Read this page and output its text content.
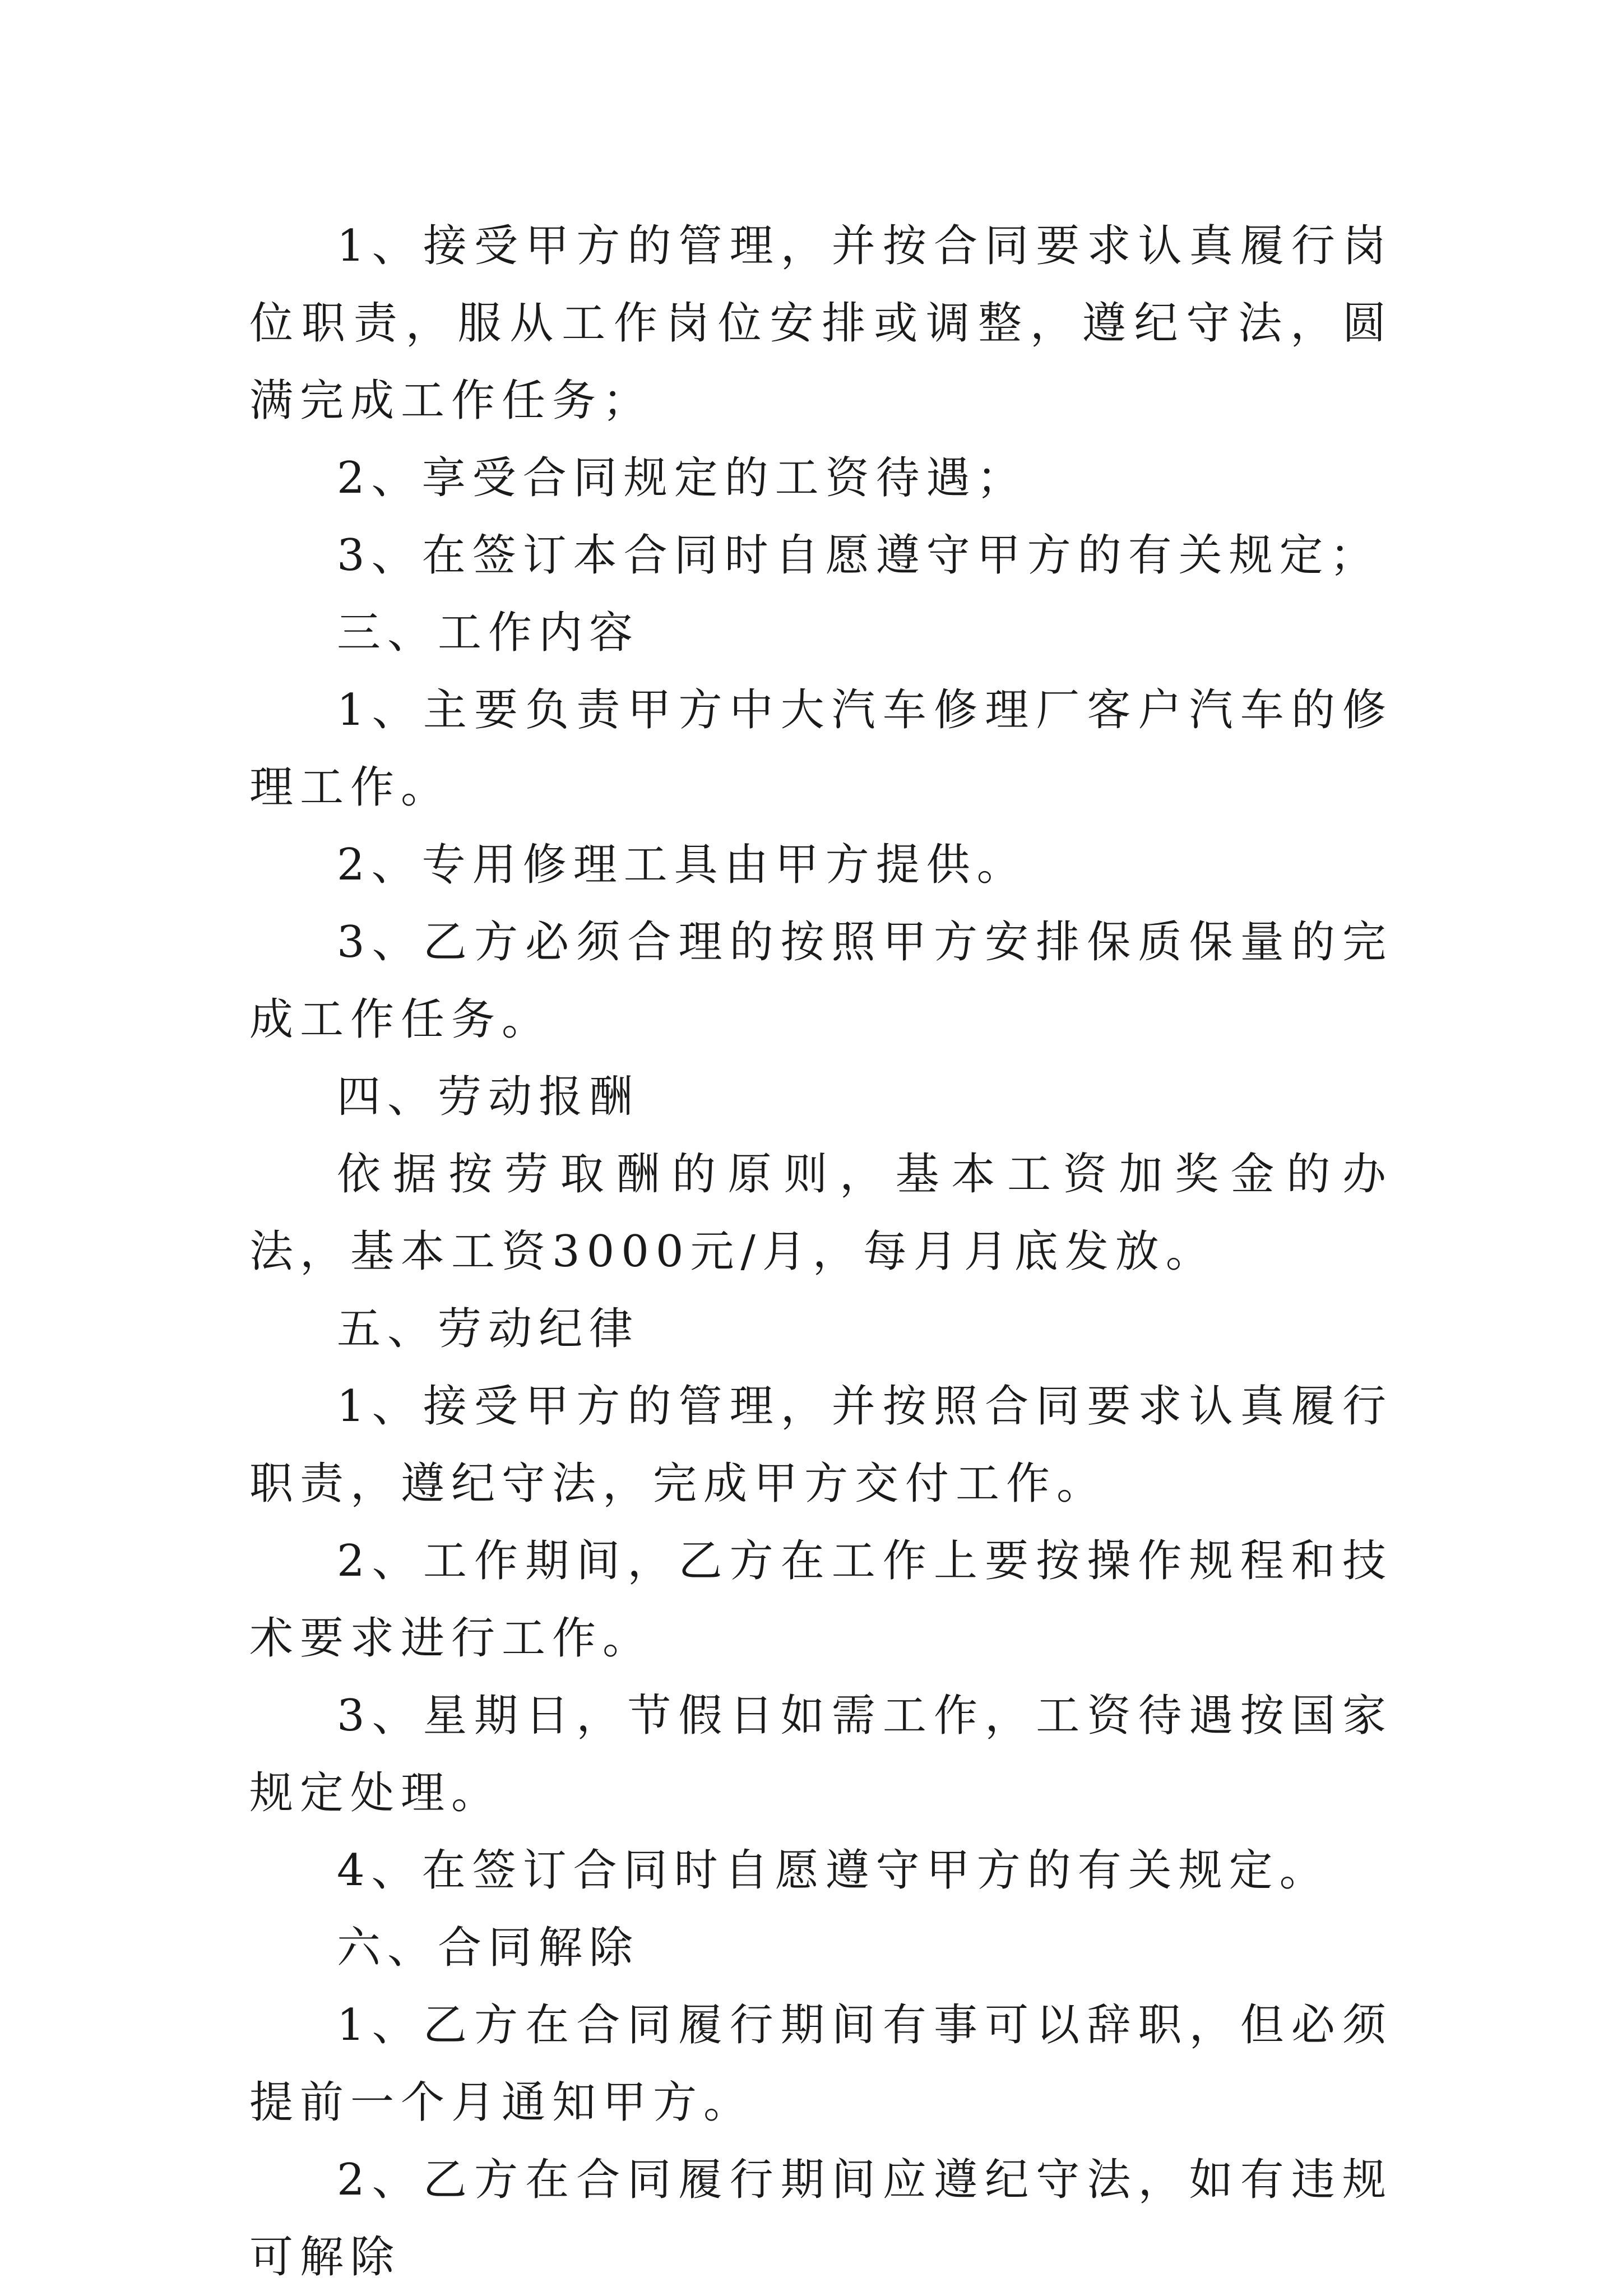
1、接受甲方的管理，并按合同要求认真履行岗位职责，服从工作岗位安排或调整，遵纪守法，圆满完成工作任务；

2、享受合同规定的工资待遇；

3、在签订本合同时自愿遵守甲方的有关规定；

三、工作内容

1、主要负责甲方中大汽车修理厂客户汽车的修理工作。

2、专用修理工具由甲方提供。

3、乙方必须合理的按照甲方安排保质保量的完成工作任务。

四、劳动报酬

依据按劳取酬的原则，基本工资加奖金的办法，基本工资3000元/月，每月月底发放。

五、劳动纪律

1、接受甲方的管理，并按照合同要求认真履行职责，遵纪守法，完成甲方交付工作。

2、工作期间，乙方在工作上要按操作规程和技术要求进行工作。

3、星期日，节假日如需工作，工资待遇按国家规定处理。

4、在签订合同时自愿遵守甲方的有关规定。

六、合同解除

1、乙方在合同履行期间有事可以辞职，但必须提前一个月通知甲方。

2、乙方在合同履行期间应遵纪守法，如有违规可解除
